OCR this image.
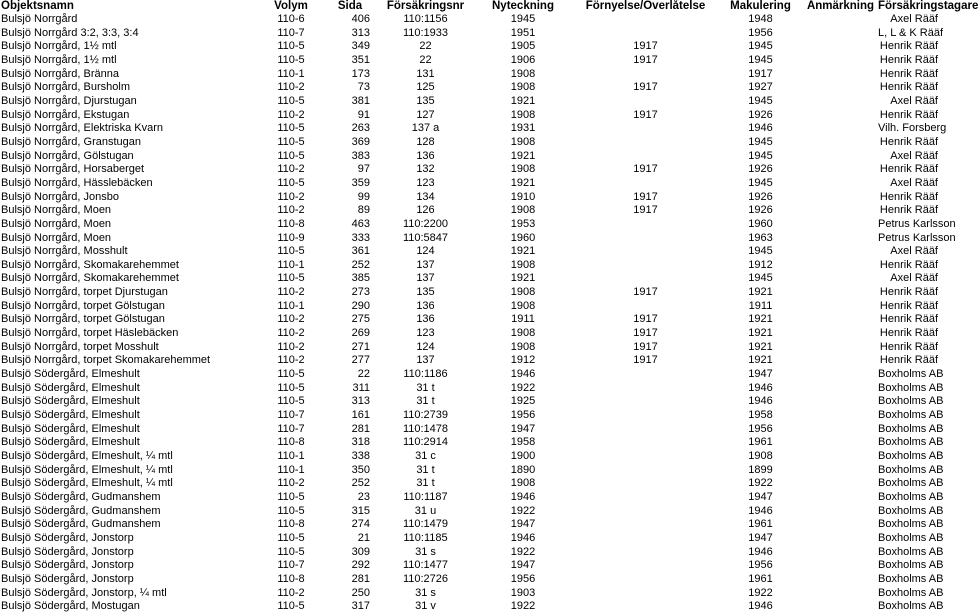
Objektsnamn	Volym	Sida	Försäkringsnr	Nyteckning	Förnyelse/Överlåtelse	Makulering	Anmärkning	Försäkringstagare
Bulsjö Norrgård	110-6	406	110:1156	1945		1948		Axel Rääf
Bulsjö Norrgård 3:2, 3:3, 3:4	110-7	313	110:1933	1951		1956		L, L & K Rääf
Bulsjö Norrgård, 1½ mtl	110-5	349	22	1905	1917	1945		Henrik Rääf
Bulsjö Norrgård, 1½ mtl	110-5	351	22	1906	1917	1945		Henrik Rääf
Bulsjö Norrgård, Bränna	110-1	173	131	1908		1917		Henrik Rääf
Bulsjö Norrgård, Bursholm	110-2	73	125	1908	1917	1927		Henrik Rääf
Bulsjö Norrgård, Djurstugan	110-5	381	135	1921		1945		Axel Rääf
Bulsjö Norrgård, Ekstugan	110-2	91	127	1908	1917	1926		Henrik Rääf
Bulsjö Norrgård, Elektriska Kvarn	110-5	263	137 a	1931		1946		Vilh. Forsberg
Bulsjö Norrgård, Granstugan	110-5	369	128	1908		1945		Henrik Rääf
Bulsjö Norrgård, Gölstugan	110-5	383	136	1921		1945		Axel Rääf
Bulsjö Norrgård, Horsaberget	110-2	97	132	1908	1917	1926		Henrik Rääf
Bulsjö Norrgård, Hässlebäcken	110-5	359	123	1921		1945		Axel Rääf
Bulsjö Norrgård, Jonsbo	110-2	99	134	1910	1917	1926		Henrik Rääf
Bulsjö Norrgård, Moen	110-2	89	126	1908	1917	1926		Henrik Rääf
Bulsjö Norrgård, Moen	110-8	463	110:2200	1953		1960		Petrus Karlsson
Bulsjö Norrgård, Moen	110-9	333	110:5847	1960		1963		Petrus Karlsson
Bulsjö Norrgård, Mosshult	110-5	361	124	1921		1945		Axel Rääf
Bulsjö Norrgård, Skomakarehemmet	110-1	252	137	1908		1912		Henrik Rääf
Bulsjö Norrgård, Skomakarehemmet	110-5	385	137	1921		1945		Axel Rääf
Bulsjö Norrgård, torpet Djurstugan	110-2	273	135	1908	1917	1921		Henrik Rääf
Bulsjö Norrgård, torpet Gölstugan	110-1	290	136	1908		1911		Henrik Rääf
Bulsjö Norrgård, torpet Gölstugan	110-2	275	136	1911	1917	1921		Henrik Rääf
Bulsjö Norrgård, torpet Häslebäcken	110-2	269	123	1908	1917	1921		Henrik Rääf
Bulsjö Norrgård, torpet Mosshult	110-2	271	124	1908	1917	1921		Henrik Rääf
Bulsjö Norrgård, torpet Skomakarehemmet	110-2	277	137	1912	1917	1921		Henrik Rääf
Bulsjö Södergård, Elmeshult	110-5	22	110:1186	1946		1947		Boxholms AB
Bulsjö Södergård, Elmeshult	110-5	311	31 t	1922		1946		Boxholms AB
Bulsjö Södergård, Elmeshult	110-5	313	31 t	1925		1946		Boxholms AB
Bulsjö Södergård, Elmeshult	110-7	161	110:2739	1956		1958		Boxholms AB
Bulsjö Södergård, Elmeshult	110-7	281	110:1478	1947		1956		Boxholms AB
Bulsjö Södergård, Elmeshult	110-8	318	110:2914	1958		1961		Boxholms AB
Bulsjö Södergård, Elmeshult, ¼ mtl	110-1	338	31 c	1900		1908		Boxholms AB
Bulsjö Södergård, Elmeshult, ¼ mtl	110-1	350	31 t	1890		1899		Boxholms AB
Bulsjö Södergård, Elmeshult, ¼ mtl	110-2	252	31 t	1908		1922		Boxholms AB
Bulsjö Södergård, Gudmanshem	110-5	23	110:1187	1946		1947		Boxholms AB
Bulsjö Södergård, Gudmanshem	110-5	315	31 u	1922		1946		Boxholms AB
Bulsjö Södergård, Gudmanshem	110-8	274	110:1479	1947		1961		Boxholms AB
Bulsjö Södergård, Jonstorp	110-5	21	110:1185	1946		1947		Boxholms AB
Bulsjö Södergård, Jonstorp	110-5	309	31 s	1922		1946		Boxholms AB
Bulsjö Södergård, Jonstorp	110-7	292	110:1477	1947		1956		Boxholms AB
Bulsjö Södergård, Jonstorp	110-8	281	110:2726	1956		1961		Boxholms AB
Bulsjö Södergård, Jonstorp, ¼ mtl	110-2	250	31 s	1903		1922		Boxholms AB
Bulsjö Södergård, Mostugan	110-5	317	31 v	1922		1946		Boxholms AB
